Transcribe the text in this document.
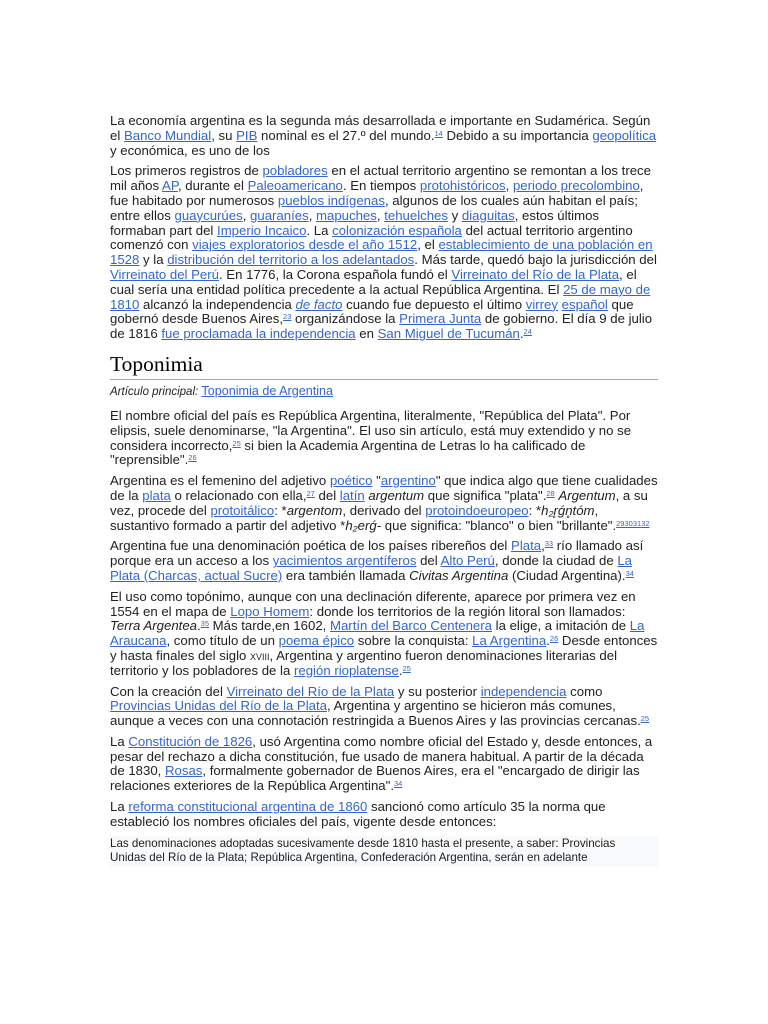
La economía argentina es la segunda más desarrollada e importante en Sudamérica. Según el Banco Mundial, su PIB nominal es el 27.º del mundo.$^{14}$ Debido a su importancia geopolítica y económica, es uno de los

Los primeros registros de pobladores en el actual territorio argentino se remontan a los trece mil años AP, durante el Paleoamericano. En tiempos protohistóricos, periodo precolombino, fue habitado por numerosos pueblos indígenas, algunos de los cuales aún habitan el país; entre ellos guaycurúes, guaraníes, mapuches, tehuelches y diaguitas, estos últimos formaban part del Imperio Incaico. La colonización española del actual territorio argentino comenzó con viajes exploratorios desde el año 1512, el establecimiento de una población en 1528 y la distribución del territorio a los adelantados. Más tarde, quedó bajo la jurisdicción del Virreinato del Perú. En 1776, la Corona española fundó el Virreinato del Río de la Plata, el cual sería una entidad política precedente a la actual República Argentina. El 25 de mayo de 1810 alcanzó la independencia de facto cuando fue depuesto el último virrey español que gobernó desde Buenos Aires,$^{23}$ organizándose la Primera Junta de gobierno. El día 9 de julio de 1816 fue proclamada la independencia en San Miguel de Tucumán.$^{24}$

Toponimia
Artículo principal: Toponimia de Argentina

El nombre oficial del país es República Argentina, literalmente, "República del Plata". Por elipsis, suele denominarse, "la Argentina". El uso sin artículo, está muy extendido y no se considera incorrecto,$^{25}$ si bien la Academia Argentina de Letras lo ha calificado de "reprensible".$^{26}$

Argentina es el femenino del adjetivo poético "argentino" que indica algo que tiene cualidades de la plata o relacionado con ella,$^{27}$ del latín argentum que significa "plata".$^{28}$ Argentum, a su vez, procede del protoitálico: *argentom, derivado del protoindoeuropeo: *h₂r̥ǵn̥tóm, sustantivo formado a partir del adjetivo *h₂erǵ- que significa: "blanco" o bien "brillante".$^{29303132}$

Argentina fue una denominación poética de los países ribereños del Plata,$^{33}$ río llamado así porque era un acceso a los yacimientos argentíferos del Alto Perú, donde la ciudad de La Plata (Charcas, actual Sucre) era también llamada Civitas Argentina (Ciudad Argentina).$^{34}$

El uso como topónimo, aunque con una declinación diferente, aparece por primera vez en 1554 en el mapa de Lopo Homem: donde los territorios de la región litoral son llamados: Terra Argentea.$^{35}$ Más tarde,en 1602, Martín del Barco Centenera la elige, a imitación de La Araucana, como título de un poema épico sobre la conquista: La Argentina.$^{26}$ Desde entonces y hasta finales del siglo xviii, Argentina y argentino fueron denominaciones literarias del territorio y los pobladores de la región rioplatense.$^{25}$

Con la creación del Virreinato del Río de la Plata y su posterior independencia como Provincias Unidas del Río de la Plata, Argentina y argentino se hicieron más comunes, aunque a veces con una connotación restringida a Buenos Aires y las provincias cercanas.$^{25}$

La Constitución de 1826, usó Argentina como nombre oficial del Estado y, desde entonces, a pesar del rechazo a dicha constitución, fue usado de manera habitual. A partir de la década de 1830, Rosas, formalmente gobernador de Buenos Aires, era el "encargado de dirigir las relaciones exteriores de la República Argentina".$^{34}$

La reforma constitucional argentina de 1860 sancionó como artículo 35 la norma que estableció los nombres oficiales del país, vigente desde entonces:

Las denominaciones adoptadas sucesivamente desde 1810 hasta el presente, a saber: Provincias Unidas del Río de la Plata; República Argentina, Confederación Argentina, serán en adelante
